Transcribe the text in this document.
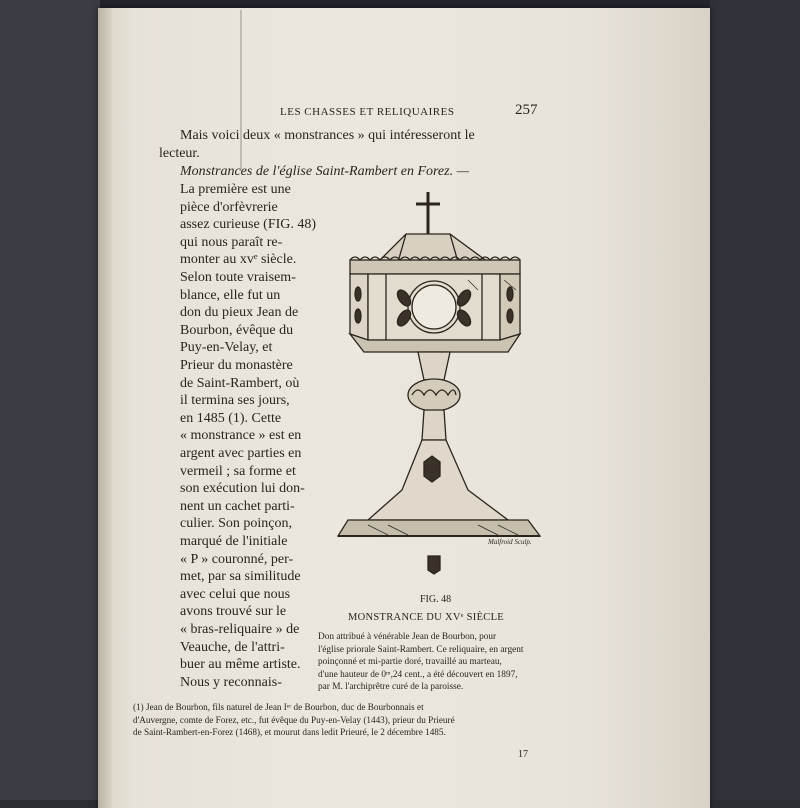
LES CHASSES ET RELIQUAIRES	257
Mais voici deux « monstrances » qui intéresseront le
lecteur.
Monstrances de l'église Saint-Rambert en Forez. —
La première est une
pièce d'orfèvrerie
assez curieuse (FIG. 48)
qui nous paraît re-
monter au xvᵉ siècle.
Selon toute vraisem-
blance, elle fut un
don du pieux Jean de
Bourbon, évêque du
Puy-en-Velay, et
Prieur du monastère
de Saint-Rambert, où
il termina ses jours,
en 1485 (1). Cette
« monstrance » est en
argent avec parties en
vermeil ; sa forme et
son exécution lui don-
nent un cachet parti-
culier. Son poinçon,
marqué de l'initiale
« P » couronné, per-
met, par sa similitude
avec celui que nous
avons trouvé sur le
« bras-reliquaire » de
Veauche, de l'attri-
buer au même artiste.
Nous y reconnais-
Malfroid Sculp.
FIG. 48
MONSTRANCE DU XVᵉ SIÈCLE
Don attribué à vénérable Jean de Bourbon, pour
l'église priorale Saint-Rambert. Ce reliquaire, en argent
poinçonné et mi-partie doré, travaillé au marteau,
d'une hauteur de 0ᵐ,24 cent., a été découvert en 1897,
par M. l'archiprêtre curé de la paroisse.
(1) Jean de Bourbon, fils naturel de Jean Iᵉʳ de Bourbon, duc de Bourbonnais et
d'Auvergne, comte de Forez, etc., fut évêque du Puy-en-Velay (1443), prieur du Prieuré
de Saint-Rambert-en-Forez (1468), et mourut dans ledit Prieuré, le 2 décembre 1485.
17
